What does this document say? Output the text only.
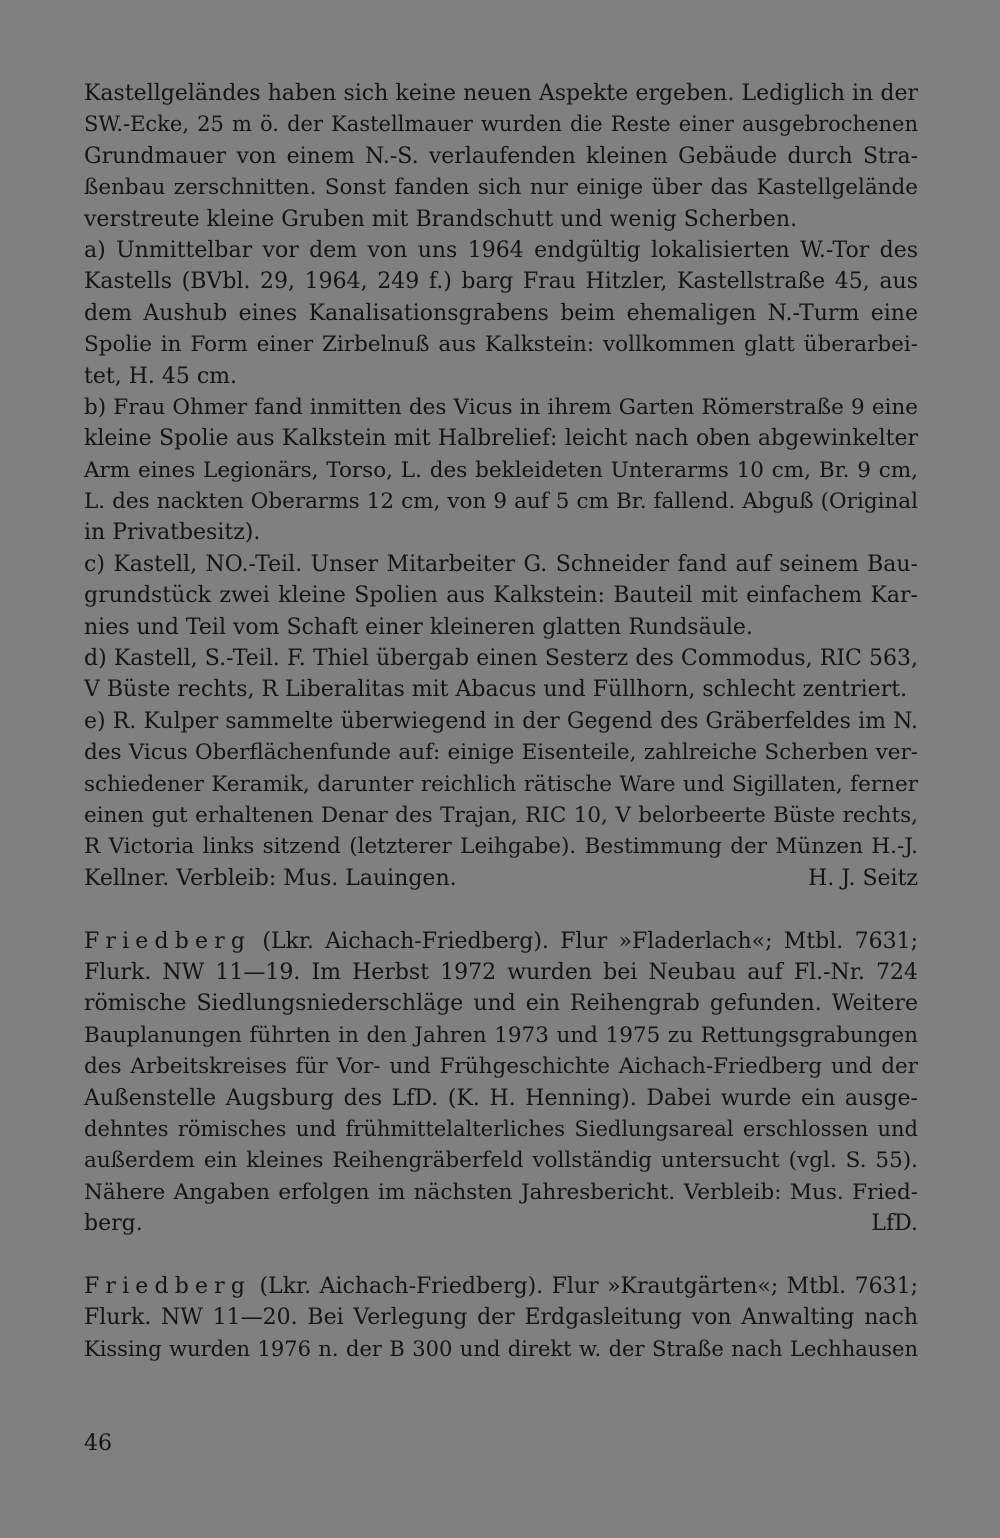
Kastellgeländes haben sich keine neuen Aspekte ergeben. Lediglich in der
SW.-Ecke, 25 m ö. der Kastellmauer wurden die Reste einer ausgebrochenen
Grundmauer von einem N.-S. verlaufenden kleinen Gebäude durch Stra-
ßenbau zerschnitten. Sonst fanden sich nur einige über das Kastellgelände
verstreute kleine Gruben mit Brandschutt und wenig Scherben.
a) Unmittelbar vor dem von uns 1964 endgültig lokalisierten W.-Tor des
Kastells (BVbl. 29, 1964, 249 f.) barg Frau Hitzler, Kastellstraße 45, aus
dem Aushub eines Kanalisationsgrabens beim ehemaligen N.-Turm eine
Spolie in Form einer Zirbelnuß aus Kalkstein: vollkommen glatt überarbei-
tet, H. 45 cm.
b) Frau Ohmer fand inmitten des Vicus in ihrem Garten Römerstraße 9 eine
kleine Spolie aus Kalkstein mit Halbrelief: leicht nach oben abgewinkelter
Arm eines Legionärs, Torso, L. des bekleideten Unterarms 10 cm, Br. 9 cm,
L. des nackten Oberarms 12 cm, von 9 auf 5 cm Br. fallend. Abguß (Original
in Privatbesitz).
c) Kastell, NO.-Teil. Unser Mitarbeiter G. Schneider fand auf seinem Bau-
grundstück zwei kleine Spolien aus Kalkstein: Bauteil mit einfachem Kar-
nies und Teil vom Schaft einer kleineren glatten Rundsäule.
d) Kastell, S.-Teil. F. Thiel übergab einen Sesterz des Commodus, RIC 563,
V Büste rechts, R Liberalitas mit Abacus und Füllhorn, schlecht zentriert.
e) R. Kulper sammelte überwiegend in der Gegend des Gräberfeldes im N.
des Vicus Oberflächenfunde auf: einige Eisenteile, zahlreiche Scherben ver-
schiedener Keramik, darunter reichlich rätische Ware und Sigillaten, ferner
einen gut erhaltenen Denar des Trajan, RIC 10, V belorbeerte Büste rechts,
R Victoria links sitzend (letzterer Leihgabe). Bestimmung der Münzen H.-J.
Kellner. Verbleib: Mus. Lauingen.	H. J. Seitz
Friedberg (Lkr. Aichach-Friedberg). Flur »Fladerlach«; Mtbl. 7631;
Flurk. NW 11—19. Im Herbst 1972 wurden bei Neubau auf Fl.-Nr. 724
römische Siedlungsniederschläge und ein Reihengrab gefunden. Weitere
Bauplanungen führten in den Jahren 1973 und 1975 zu Rettungsgrabungen
des Arbeitskreises für Vor- und Frühgeschichte Aichach-Friedberg und der
Außenstelle Augsburg des LfD. (K. H. Henning). Dabei wurde ein ausge-
dehntes römisches und frühmittelalterliches Siedlungsareal erschlossen und
außerdem ein kleines Reihengräberfeld vollständig untersucht (vgl. S. 55).
Nähere Angaben erfolgen im nächsten Jahresbericht. Verbleib: Mus. Fried-
berg.	LfD.
Friedberg (Lkr. Aichach-Friedberg). Flur »Krautgärten«; Mtbl. 7631;
Flurk. NW 11—20. Bei Verlegung der Erdgasleitung von Anwalting nach
Kissing wurden 1976 n. der B 300 und direkt w. der Straße nach Lechhausen
46
